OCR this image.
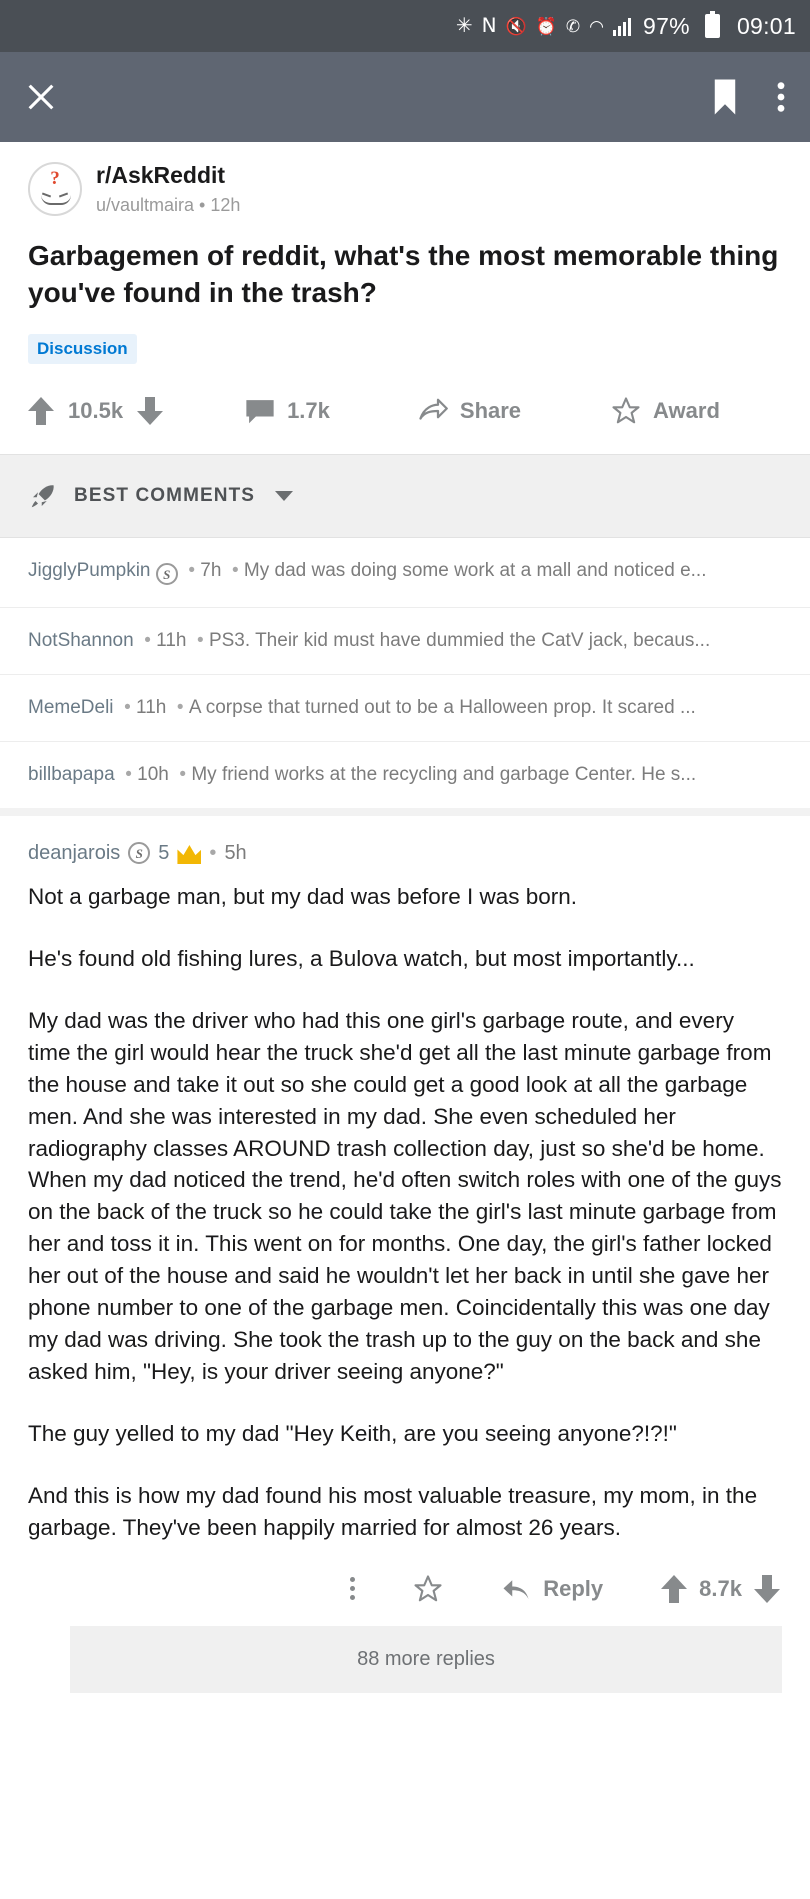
✳ 𝖭 🔇 ⏰ ✆ ◠ 97% 09:01
?	r/AskReddit
u/vaultmaira • 12h
Garbagemen of reddit, what's the most memorable thing you've found in the trash?
Discussion
10.5k	1.7k	Share	Award
BEST COMMENTS
JigglyPumpkin S  • 7h  • My dad was doing some work at a mall and noticed e...
NotShannon  • 11h  • PS3. Their kid must have dummied the CatV jack, becaus...
MemeDeli  • 11h  • A corpse that turned out to be a Halloween prop. It scared ...
billbapapa  • 10h  • My friend works at the recycling and garbage Center. He s...
deanjarois	S 5 • 5h

Not a garbage man, but my dad was before I was born.

He's found old fishing lures, a Bulova watch, but most importantly...

My dad was the driver who had this one girl's garbage route, and every time the girl would hear the truck she'd get all the last minute garbage from the house and take it out so she could get a good look at all the garbage men. And she was interested in my dad. She even scheduled her radiography classes AROUND trash collection day, just so she'd be home. When my dad noticed the trend, he'd often switch roles with one of the guys on the back of the truck so he could take the girl's last minute garbage from her and toss it in. This went on for months. One day, the girl's father locked her out of the house and said he wouldn't let her back in until she gave her phone number to one of the garbage men. Coincidentally this was one day my dad was driving. She took the trash up to the guy on the back and she asked him, "Hey, is your driver seeing anyone?"

The guy yelled to my dad "Hey Keith, are you seeing anyone?!?!"

And this is how my dad found his most valuable treasure, my mom, in the garbage. They've been happily married for almost 26 years.

Reply	8.7k
88 more replies
